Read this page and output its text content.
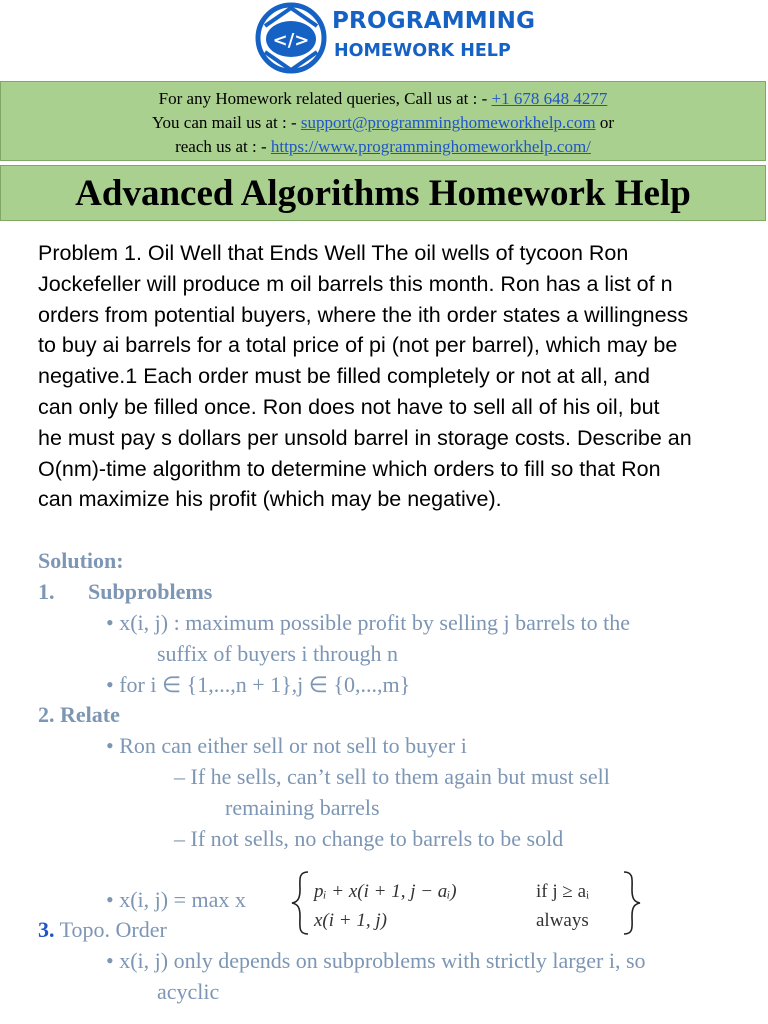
</>
PROGRAMMING
HOMEWORK HELP
For any Homework related queries, Call us at : - +1 678 648 4277
You can mail us at : - support@programminghomeworkhelp.com or
reach us at : - https://www.programminghomeworkhelp.com/
Advanced Algorithms Homework Help
Problem 1. Oil Well that Ends Well The oil wells of tycoon Ron
Jockefeller will produce m oil barrels this month. Ron has a list of n
orders from potential buyers, where the ith order states a willingness
to buy ai barrels for a total price of pi (not per barrel), which may be
negative.1 Each order must be filled completely or not at all, and
can only be filled once. Ron does not have to sell all of his oil, but
he must pay s dollars per unsold barrel in storage costs. Describe an
O(nm)-time algorithm to determine which orders to fill so that Ron
can maximize his profit (which may be negative).
Solution:
1. Subproblems
• x(i, j) : maximum possible profit by selling j barrels to the
suffix of buyers i through n
• for i ∈ {1,...,n + 1},j ∈ {0,...,m}
2. Relate
• Ron can either sell or not sell to buyer i
– If he sells, can’t sell to them again but must sell
remaining barrels
– If not sells, no change to barrels to be sold
• x(i, j) = max x	pᵢ + x(i + 1, j − aᵢ)	if j ≥ aᵢ
x(i + 1, j)	always
3. Topo. Order
• x(i, j) only depends on subproblems with strictly larger i, so
acyclic
